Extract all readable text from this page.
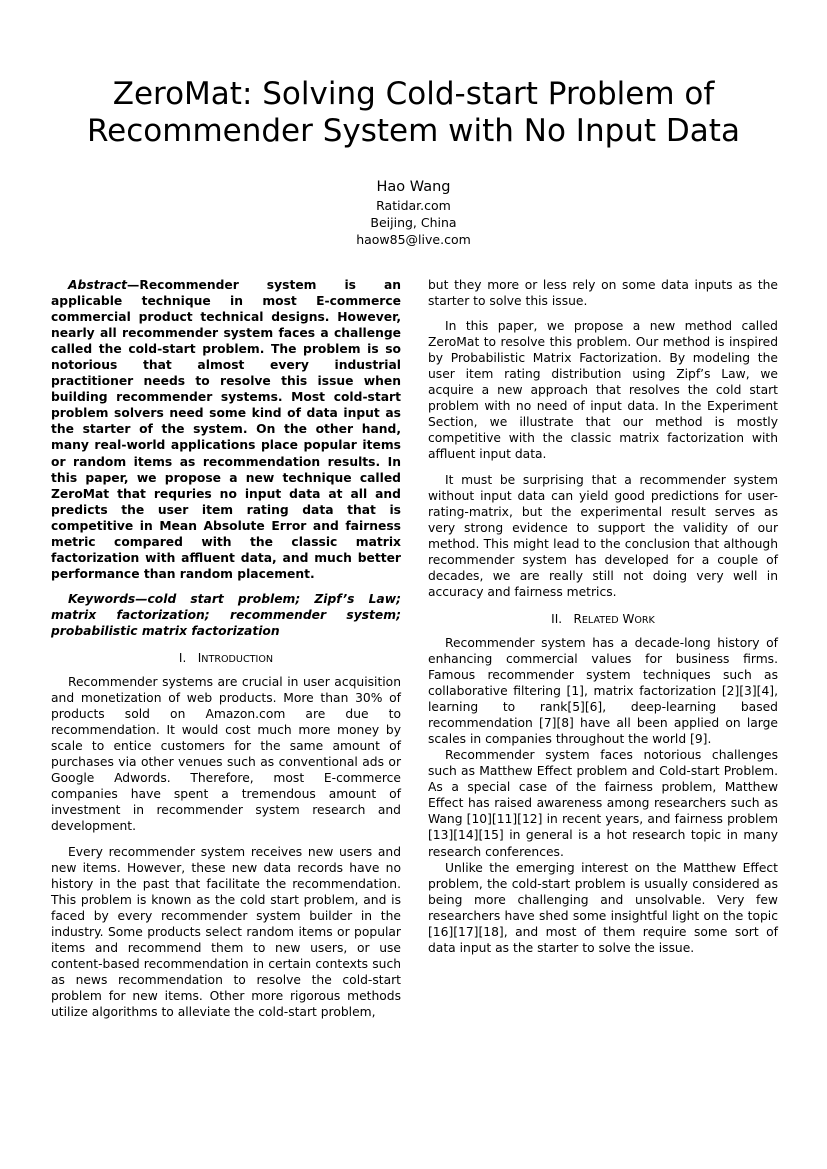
ZeroMat: Solving Cold-start Problem of
Recommender System with No Input Data
Hao Wang
Ratidar.com
Beijing, China
haow85@live.com

Abstract—Recommender system is an applicable technique in most E-commerce commercial product technical designs. However, nearly all recommender system faces a challenge called the cold-start problem. The problem is so notorious that almost every industrial practitioner needs to resolve this issue when building recommender systems. Most cold-start problem solvers need some kind of data input as the starter of the system. On the other hand, many real-world applications place popular items or random items as recommendation results. In this paper, we propose a new technique called ZeroMat that requries no input data at all and predicts the user item rating data that is competitive in Mean Absolute Error and fairness metric compared with the classic matrix factorization with affluent data, and much better performance than random placement.

Keywords—cold start problem; Zipf’s Law; matrix factorization; recommender system; probabilistic matrix factorization

I. INTRODUCTION

Recommender systems are crucial in user acquisition and monetization of web products. More than 30% of products sold on Amazon.com are due to recommendation. It would cost much more money by scale to entice customers for the same amount of purchases via other venues such as conventional ads or Google Adwords. Therefore, most E-commerce companies have spent a tremendous amount of investment in recommender system research and development.

Every recommender system receives new users and new items. However, these new data records have no history in the past that facilitate the recommendation. This problem is known as the cold start problem, and is faced by every recommender system builder in the industry. Some products select random items or popular items and recommend them to new users, or use content-based recommendation in certain contexts such as news recommendation to resolve the cold-start problem for new items. Other more rigorous methods utilize algorithms to alleviate the cold-start problem,

but they more or less rely on some data inputs as the starter to solve this issue.

In this paper, we propose a new method called ZeroMat to resolve this problem. Our method is inspired by Probabilistic Matrix Factorization. By modeling the user item rating distribution using Zipf’s Law, we acquire a new approach that resolves the cold start problem with no need of input data. In the Experiment Section, we illustrate that our method is mostly competitive with the classic matrix factorization with affluent input data.

It must be surprising that a recommender system without input data can yield good predictions for user-rating-matrix, but the experimental result serves as very strong evidence to support the validity of our method. This might lead to the conclusion that although recommender system has developed for a couple of decades, we are really still not doing very well in accuracy and fairness metrics.

II. RELATED WORK

Recommender system has a decade-long history of enhancing commercial values for business firms. Famous recommender system techniques such as collaborative filtering [1], matrix factorization [2][3][4], learning to rank[5][6], deep-learning based recommendation [7][8] have all been applied on large scales in companies throughout the world [9].

Recommender system faces notorious challenges such as Matthew Effect problem and Cold-start Problem. As a special case of the fairness problem, Matthew Effect has raised awareness among researchers such as Wang [10][11][12] in recent years, and fairness problem [13][14][15] in general is a hot research topic in many research conferences.

Unlike the emerging interest on the Matthew Effect problem, the cold-start problem is usually considered as being more challenging and unsolvable. Very few researchers have shed some insightful light on the topic [16][17][18], and most of them require some sort of data input as the starter to solve the issue.
